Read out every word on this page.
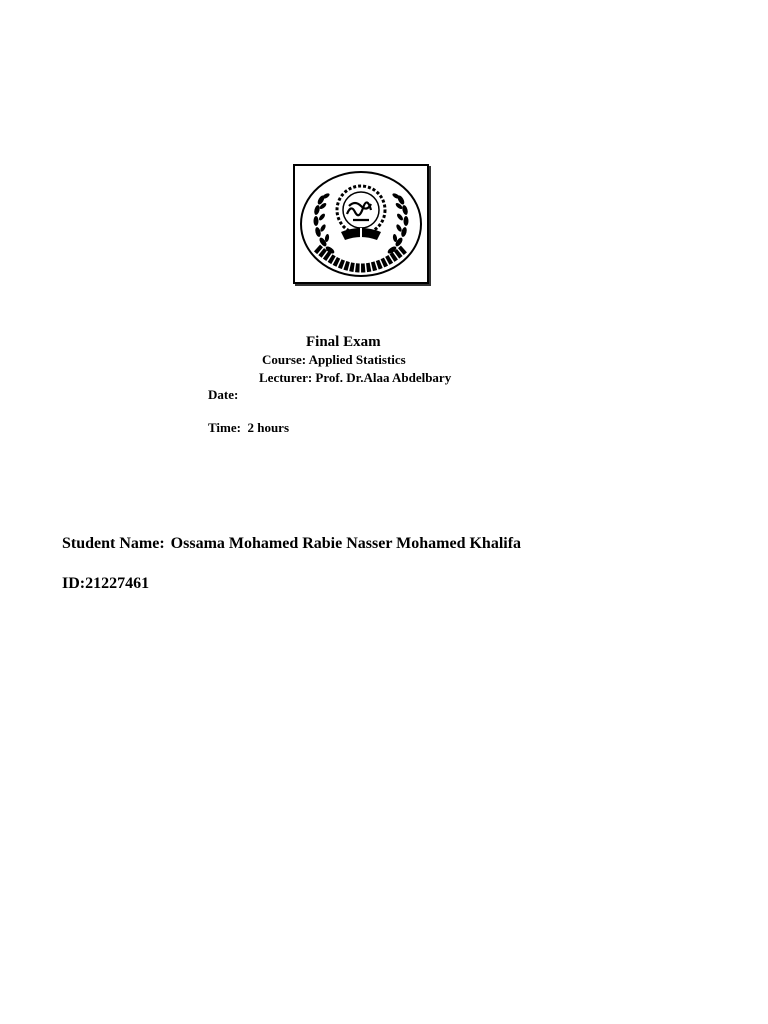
Final Exam
Course: Applied Statistics
Lecturer: Prof. Dr.Alaa Abdelbary
Date:
Time:  2 hours
Student Name: Ossama Mohamed Rabie Nasser Mohamed Khalifa
ID:21227461
